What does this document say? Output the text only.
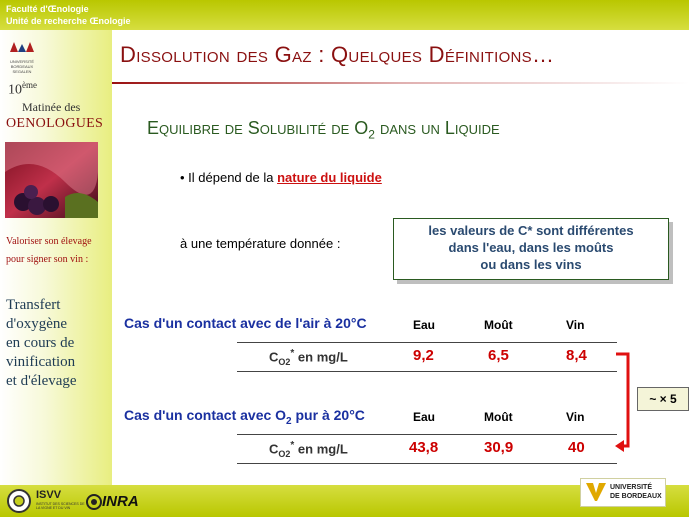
Faculté d'Œnologie
Unité de recherche Œnologie
UNIVERSITÉ
BORDEAUX
SEGALEN
10ème
Matinée des
OENOLOGUES
Valoriser son élevage
pour signer son vin :
Transfert
d'oxygène
en cours de
vinification
et d'élevage
Dissolution des Gaz : Quelques Définitions…
Equilibre de Solubilité de $O_2$ dans un Liquide
• Il dépend de la nature du liquide
à une température donnée :
les valeurs de C* sont différentes
dans l'eau, dans les moûts
ou dans les vins
Cas d'un contact avec de l'air à 20°C	Eau	Moût	Vin
$C_{O2}^*$ en mg/L	9,2	6,5	8,4
Cas d'un contact avec $O_2$ pur à 20°C	Eau	Moût	Vin
$C_{O2}^*$ en mg/L	43,8	30,9	40
~ × 5
ISVV
INSTITUT DES SCIENCES DE LA VIGNE ET DU VIN	INRA
UNIVERSITÉ
DE BORDEAUX
